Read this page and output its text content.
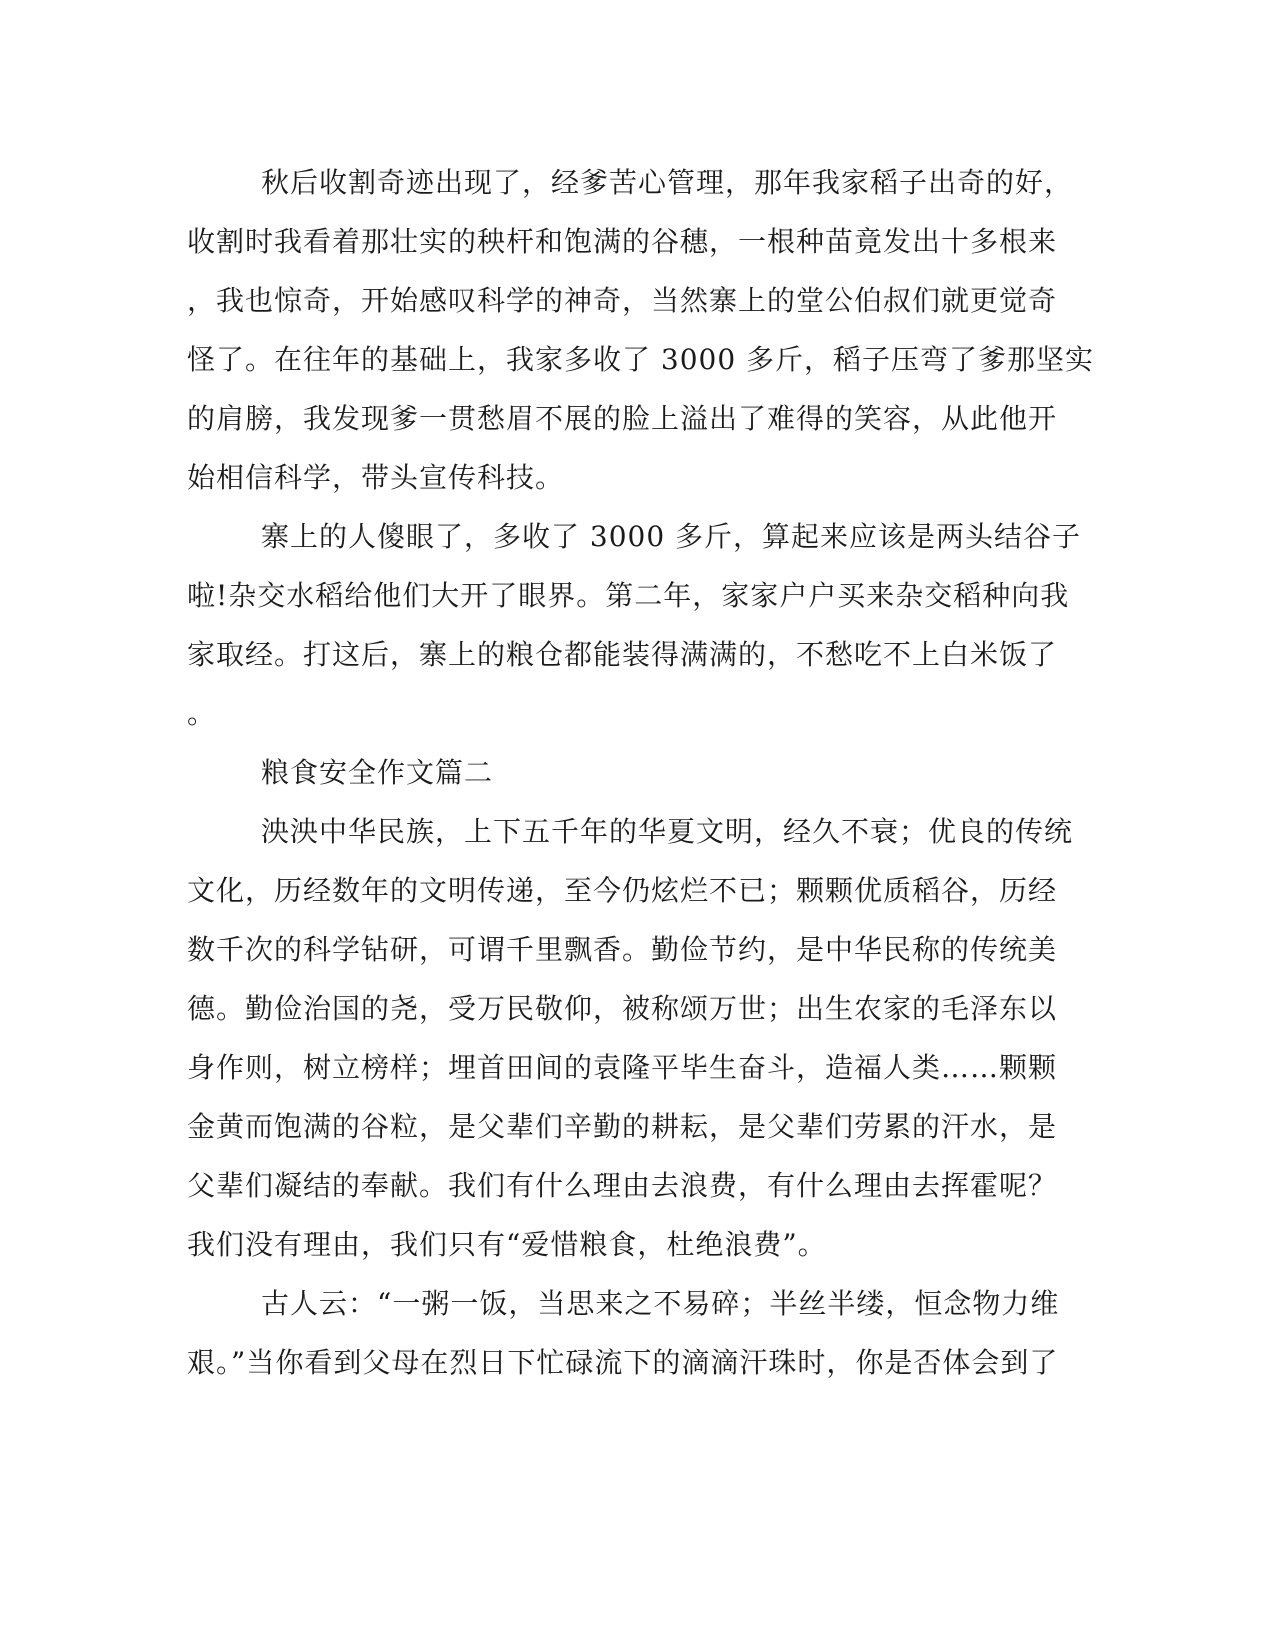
秋后收割奇迹出现了，经爹苦心管理，那年我家稻子出奇的好，
收割时我看着那壮实的秧杆和饱满的谷穗，一根种苗竟发出十多根来
，我也惊奇，开始感叹科学的神奇，当然寨上的堂公伯叔们就更觉奇
怪了。在往年的基础上，我家多收了 3000 多斤，稻子压弯了爹那坚实
的肩膀，我发现爹一贯愁眉不展的脸上溢出了难得的笑容，从此他开
始相信科学，带头宣传科技。
寨上的人傻眼了，多收了 3000 多斤，算起来应该是两头结谷子
啦!杂交水稻给他们大开了眼界。第二年，家家户户买来杂交稻种向我
家取经。打这后，寨上的粮仓都能装得满满的，不愁吃不上白米饭了
。
粮食安全作文篇二
泱泱中华民族，上下五千年的华夏文明，经久不衰；优良的传统
文化，历经数年的文明传递，至今仍炫烂不已；颗颗优质稻谷，历经
数千次的科学钻研，可谓千里飘香。勤俭节约，是中华民称的传统美
德。勤俭治国的尧，受万民敬仰，被称颂万世；出生农家的毛泽东以
身作则，树立榜样；埋首田间的袁隆平毕生奋斗，造福人类……颗颗
金黄而饱满的谷粒，是父辈们辛勤的耕耘，是父辈们劳累的汗水，是
父辈们凝结的奉献。我们有什么理由去浪费，有什么理由去挥霍呢？
我们没有理由，我们只有“爱惜粮食，杜绝浪费”。
古人云：“一粥一饭，当思来之不易碎；半丝半缕，恒念物力维
艰。”当你看到父母在烈日下忙碌流下的滴滴汗珠时，你是否体会到了
